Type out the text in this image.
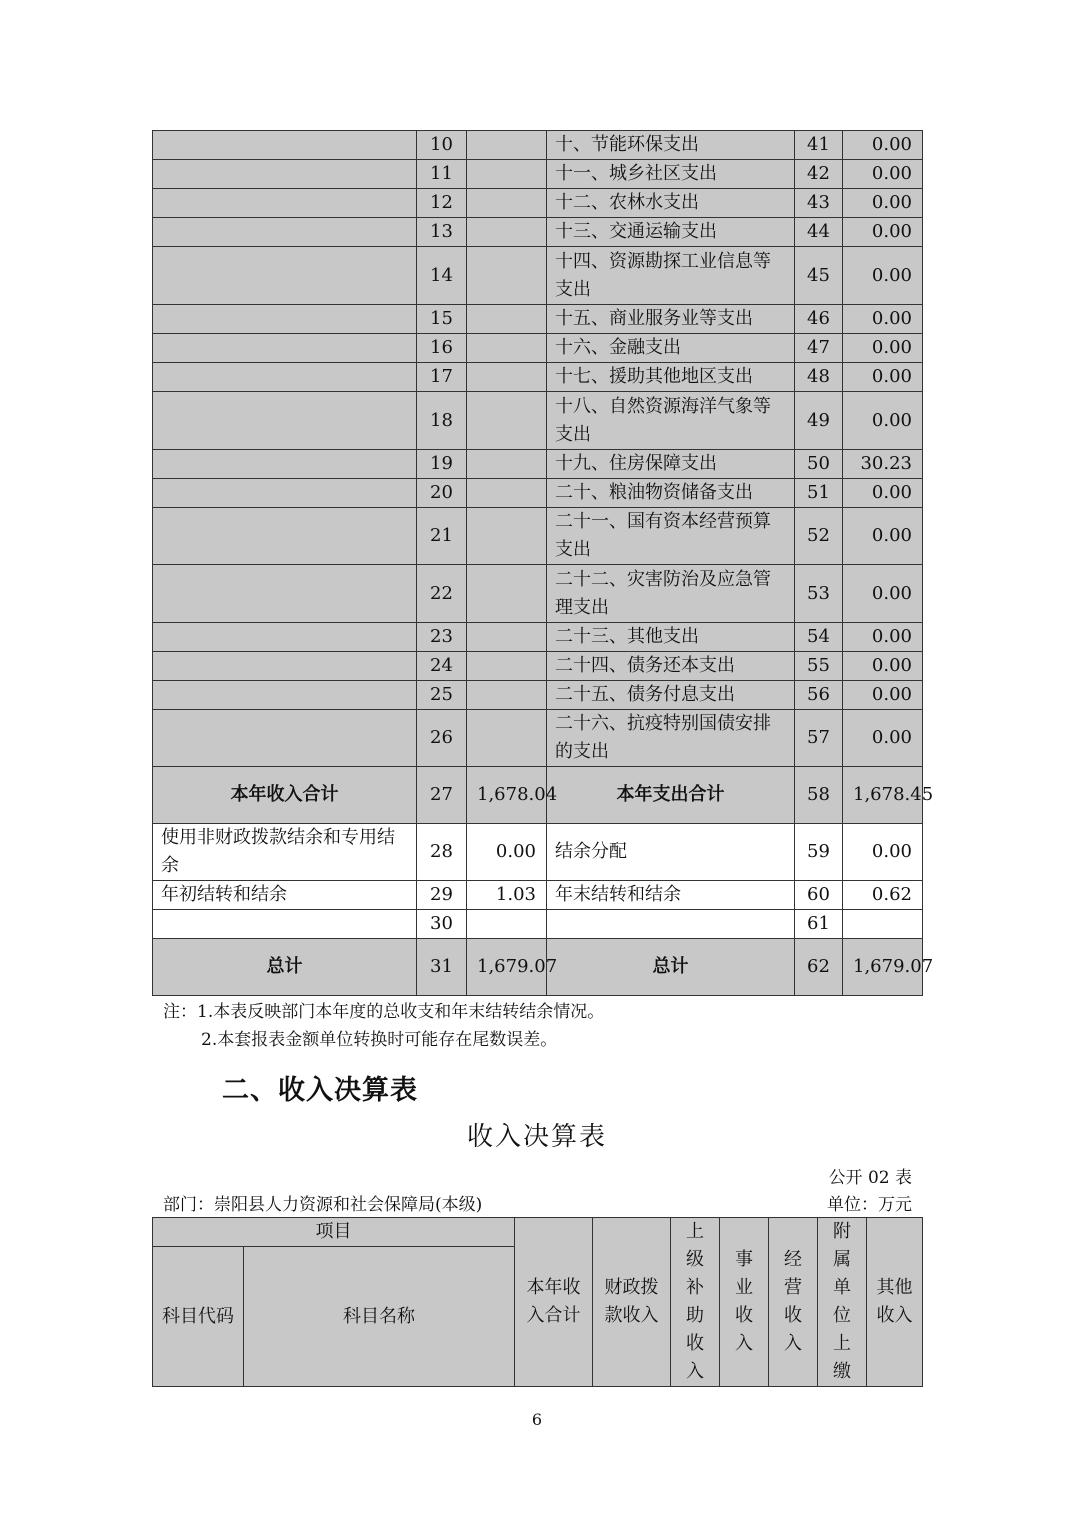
	10		十、节能环保支出	41	0.00
	11		十一、城乡社区支出	42	0.00
	12		十二、农林水支出	43	0.00
	13		十三、交通运输支出	44	0.00
	14		十四、资源勘探工业信息等支出	45	0.00
	15		十五、商业服务业等支出	46	0.00
	16		十六、金融支出	47	0.00
	17		十七、援助其他地区支出	48	0.00
	18		十八、自然资源海洋气象等支出	49	0.00
	19		十九、住房保障支出	50	30.23
	20		二十、粮油物资储备支出	51	0.00
	21		二十一、国有资本经营预算支出	52	0.00
	22		二十二、灾害防治及应急管理支出	53	0.00
	23		二十三、其他支出	54	0.00
	24		二十四、债务还本支出	55	0.00
	25		二十五、债务付息支出	56	0.00
	26		二十六、抗疫特别国债安排的支出	57	0.00
本年收入合计	27	1,678.04	本年支出合计	58	1,678.45
使用非财政拨款结余和专用结余	28	0.00	结余分配	59	0.00
年初结转和结余	29	1.03	年末结转和结余	60	0.62
	30			61	
总计	31	1,679.07	总计	62	1,679.07
注：1.本表反映部门本年度的总收支和年末结转结余情况。
2.本套报表金额单位转换时可能存在尾数误差。
二、收入决算表
收入决算表
公开 02 表
部门：崇阳县人力资源和社会保障局(本级)	单位：万元
项目		本年收入合计	财政拨款收入	上级补助收入	事业收入	经营收入	附属单位上缴	其他收入
科目代码	科目名称							
6
